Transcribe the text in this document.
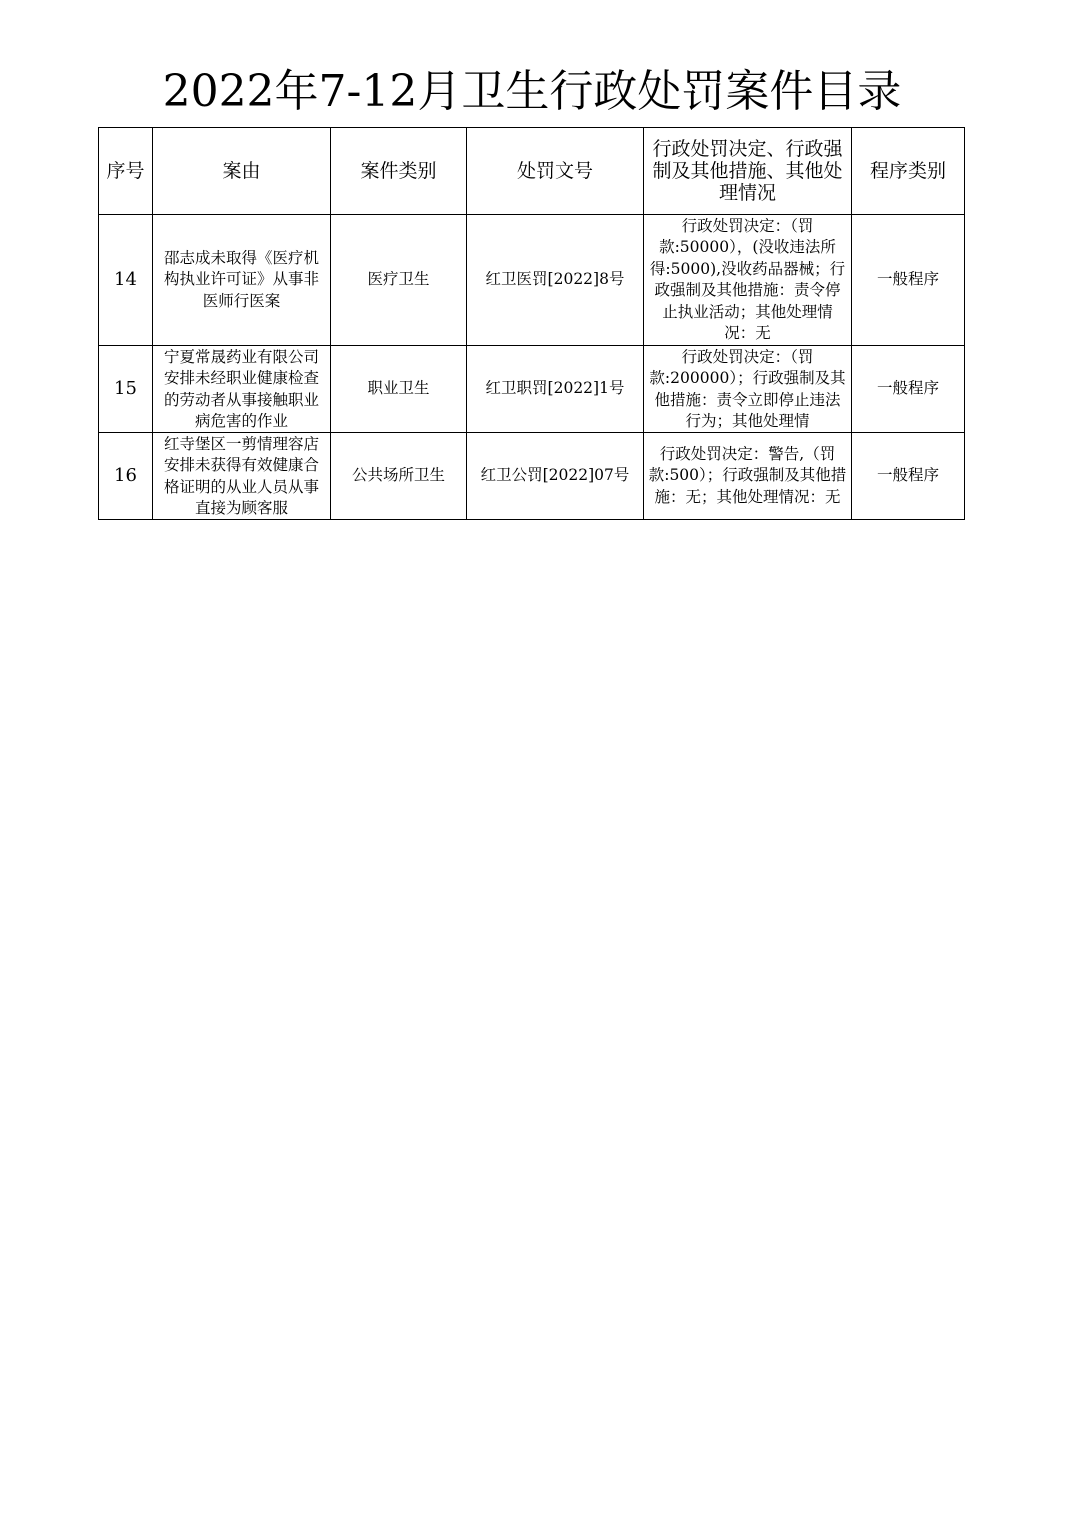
2022年7-12月卫生行政处罚案件目录
序号	案由	案件类别	处罚文号	行政处罚决定、行政强制及其他措施、其他处理情况	程序类别
14	邵志成未取得《医疗机构执业许可证》从事非医师行医案	医疗卫生	红卫医罚[2022]8号	行政处罚决定：（罚款:50000），(没收违法所得:5000),没收药品器械；行政强制及其他措施：责令停止执业活动；其他处理情况：无	一般程序
15	宁夏常晟药业有限公司安排未经职业健康检查的劳动者从事接触职业病危害的作业	职业卫生	红卫职罚[2022]1号	行政处罚决定：（罚款:200000）；行政强制及其他措施：责令立即停止违法行为；其他处理情	一般程序
16	红寺堡区一剪情理容店安排未获得有效健康合格证明的从业人员从事直接为顾客服	公共场所卫生	红卫公罚[2022]07号	行政处罚决定：警告,（罚款:500）；行政强制及其他措施：无；其他处理情况：无	一般程序
